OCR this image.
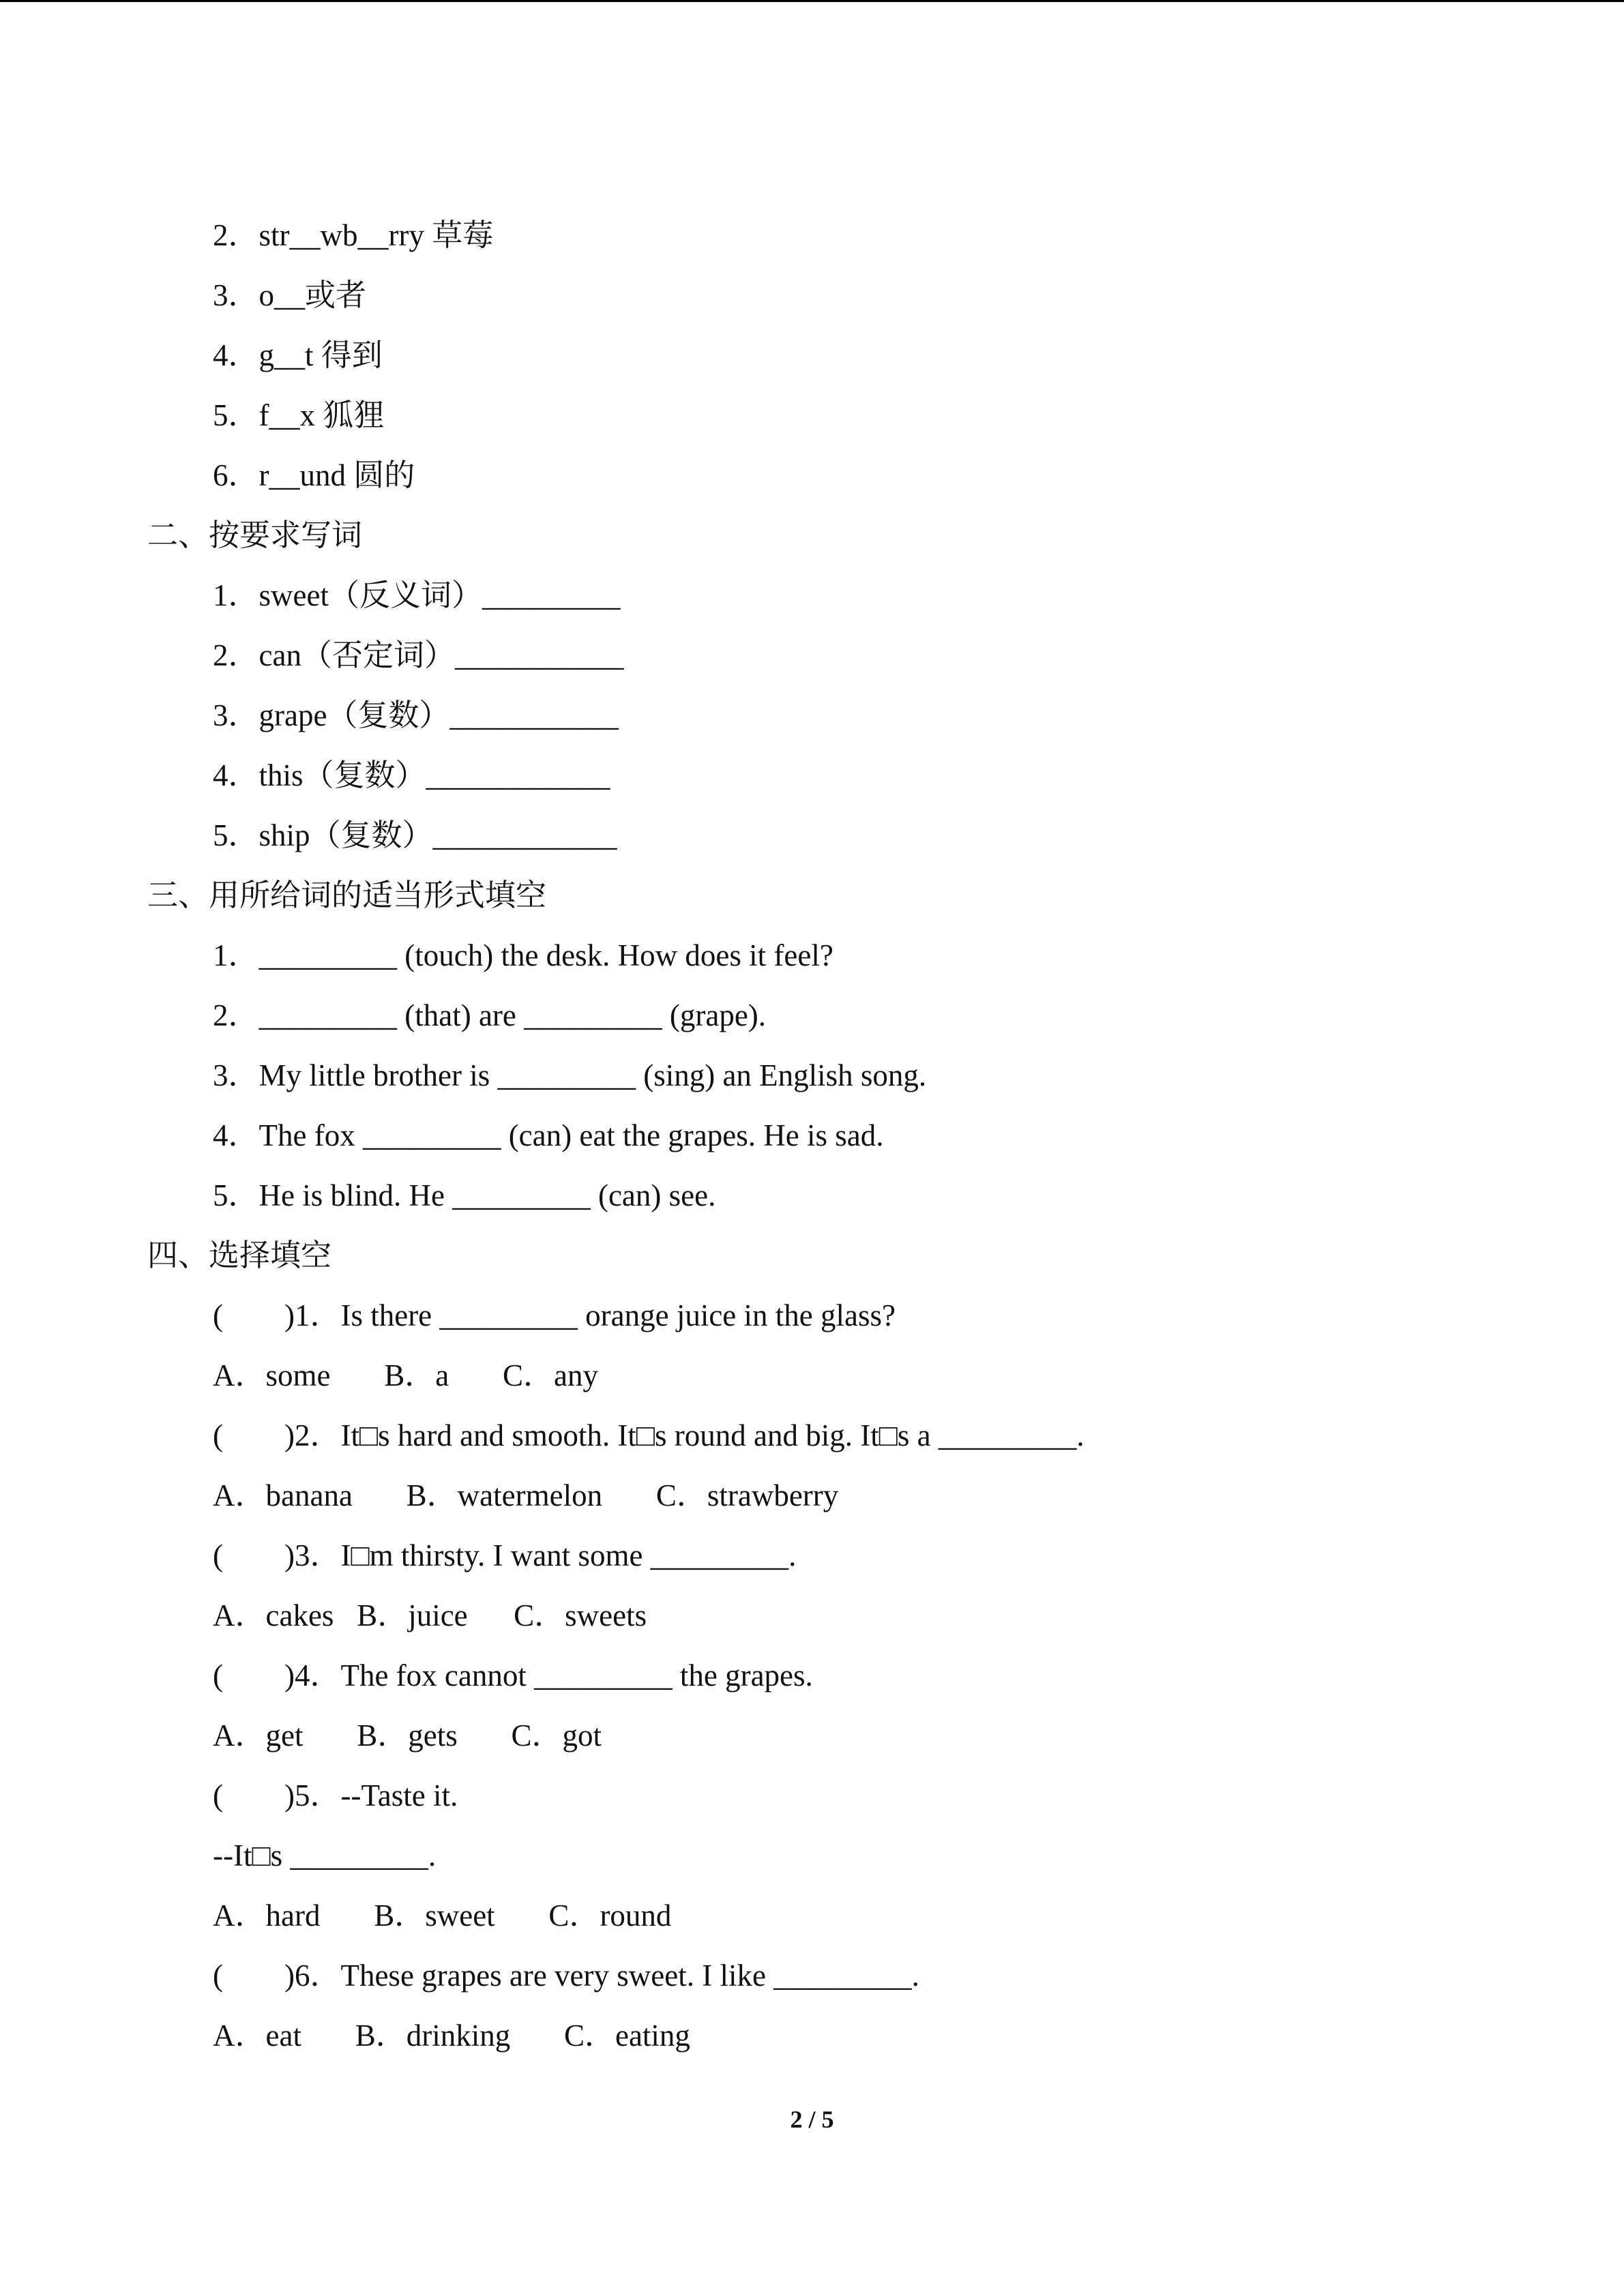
2．str__wb__rry 草莓
3．o__或者
4．g__t 得到
5．f__x 狐狸
6．r__und 圆的
二、按要求写词
1．sweet（反义词）_________
2．can（否定词）___________
3．grape（复数）___________
4．this（复数）____________
5．ship（复数）____________
三、用所给词的适当形式填空
1．_________ (touch) the desk. How does it feel?
2．_________ (that) are _________ (grape).
3．My little brother is _________ (sing) an English song.
4．The fox _________ (can) eat the grapes. He is sad.
5．He is blind. He _________ (can) see.
四、选择填空
(        )1．Is there _________ orange juice in the glass?
A．some       B．a       C．any
(        )2．It□s hard and smooth. It□s round and big. It□s a _________.
A．banana       B．watermelon       C．strawberry
(        )3．I□m thirsty. I want some _________.
A．cakes   B．juice      C．sweets
(        )4．The fox cannot _________ the grapes.
A．get       B．gets       C．got
(        )5．--Taste it.
--It□s _________.
A．hard       B．sweet       C．round
(        )6．These grapes are very sweet. I like _________.
A．eat       B．drinking       C．eating
2 / 5
